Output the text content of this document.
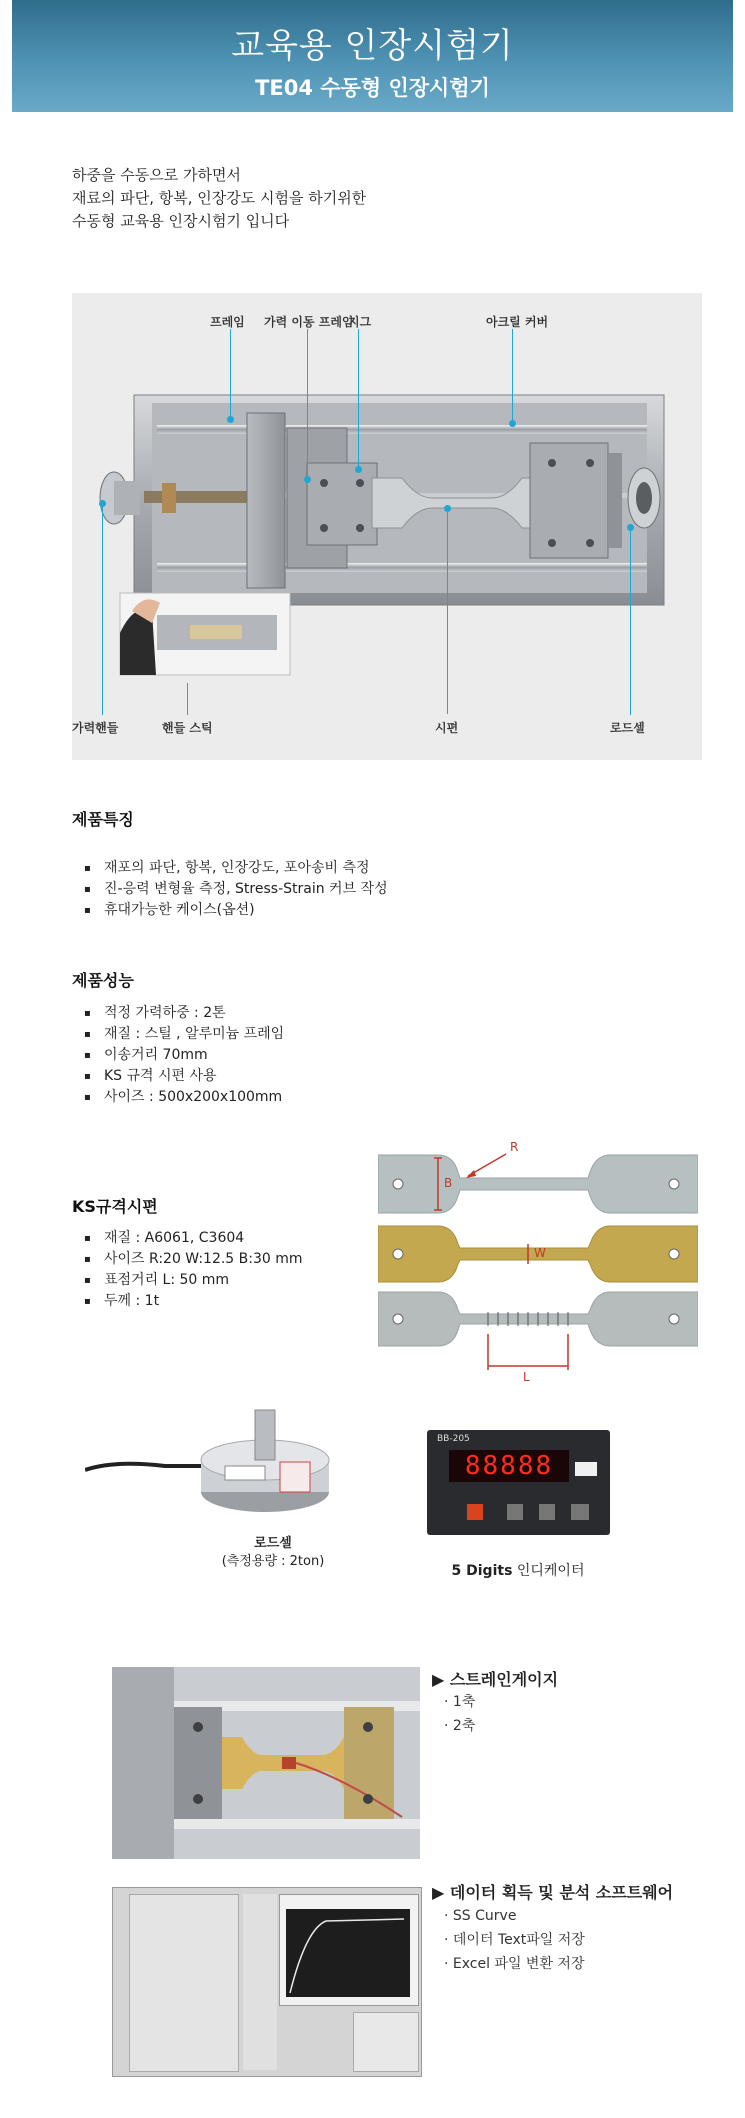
교육용 인장시험기
TE04 수동형 인장시험기
하중을 수동으로 가하면서
재료의 파단, 항복, 인장강도 시험을 하기위한
수동형 교육용 인장시험기 입니다
프레임 가력 이동 프레임
지그	아크릴 커버
가력핸들	핸들 스틱	시편	로드셀
제품특징
▪ 재포의 파단, 항복, 인장강도, 포아송비 측정
▪ 진-응력 변형율 측정, Stress-Strain 커브 작성
▪ 휴대가능한 케이스(옵션)
제품성능
▪ 적정 가력하중 : 2톤
▪ 재질 : 스틸 , 알루미늄 프레임
▪ 이송거리 70mm
▪ KS 규격 시편 사용
▪ 사이즈 : 500x200x100mm
KS규격시편
▪ 재질 : A6061, C3604
▪ 사이즈 R:20 W:12.5 B:30 mm
▪ 표점거리 L: 50 mm
▪ 두께 : 1t
R
B
W
L
로드셀
(측정용량 : 2ton)
BB-205
88888
5 Digits 인디케이터
▶ 스트레인게이지
· 1축
· 2축
▶ 데이터 획득 및 분석 소프트웨어
· SS Curve
· 데이터 Text파일 저장
· Excel 파일 변환 저장
